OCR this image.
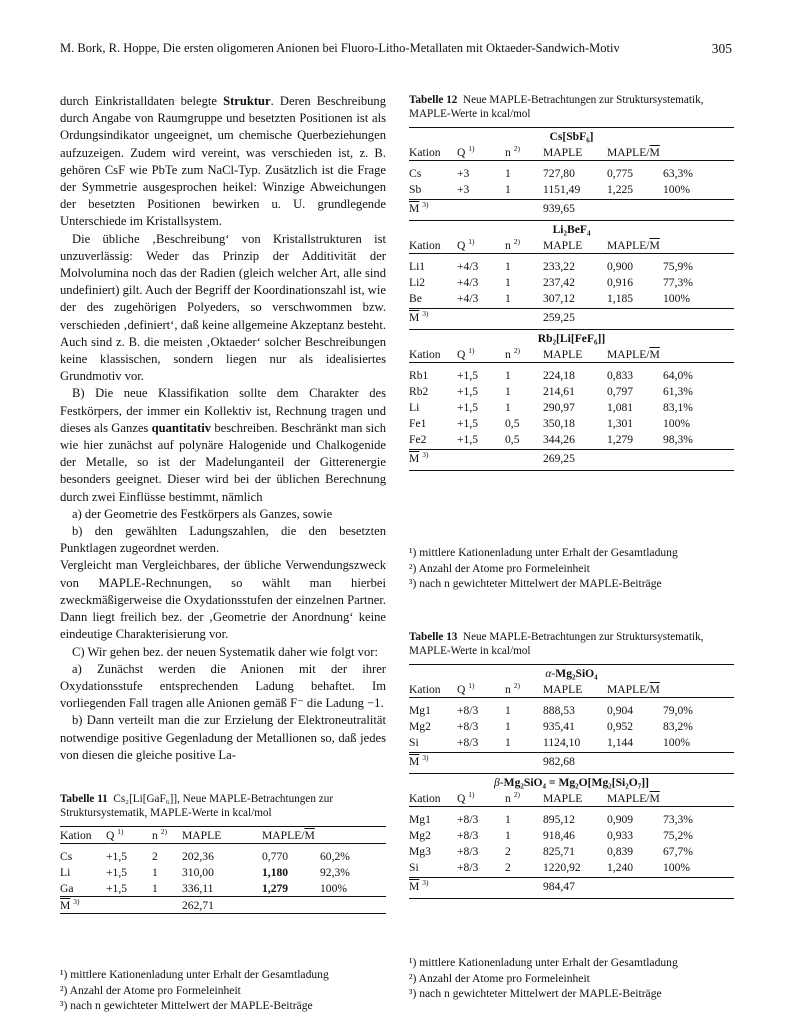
M. Bork, R. Hoppe, Die ersten oligomeren Anionen bei Fluoro-Litho-Metallaten mit Oktaeder-Sandwich-Motiv	305

durch Einkristalldaten belegte Struktur. Deren Beschreibung durch Angabe von Raumgruppe und besetzten Positionen ist als Ordungsindikator ungeeignet, um chemische Querbeziehungen aufzuzeigen. Zudem wird vereint, was verschieden ist, z. B. gehören CsF wie PbTe zum NaCl-Typ. Zusätzlich ist die Frage der Symmetrie ausgesprochen heikel: Winzige Abweichungen der besetzten Positionen bewirken u. U. grundlegende Unterschiede im Kristallsystem.

Die übliche ‚Beschreibung‘ von Kristallstrukturen ist unzuverlässig: Weder das Prinzip der Additivität der Molvolumina noch das der Radien (gleich welcher Art, alle sind undefiniert) gilt. Auch der Begriff der Koordinationszahl ist, wie der des zugehörigen Polyeders, so verschwommen bzw. verschieden ‚definiert‘, daß keine allgemeine Akzeptanz besteht. Auch sind z. B. die meisten ‚Oktaeder‘ solcher Beschreibungen keine klassischen, sondern liegen nur als idealisiertes Grundmotiv vor.

B) Die neue Klassifikation sollte dem Charakter des Festkörpers, der immer ein Kollektiv ist, Rechnung tragen und dieses als Ganzes quantitativ beschreiben. Beschränkt man sich wie hier zunächst auf polynäre Halogenide und Chalkogenide der Metalle, so ist der Madelunganteil der Gitterenergie besonders geeignet. Dieser wird bei der üblichen Berechnung durch zwei Einflüsse bestimmt, nämlich

a) der Geometrie des Festkörpers als Ganzes, sowie

b) den gewählten Ladungszahlen, die den besetzten Punktlagen zugeordnet werden.

Vergleicht man Vergleichbares, der übliche Verwendungszweck von MAPLE-Rechnungen, so wählt man hierbei zweckmäßigerweise die Oxydationsstufen der einzelnen Partner. Dann liegt freilich bez. der ‚Geometrie der Anordnung‘ keine eindeutige Charakterisierung vor.

C) Wir gehen bez. der neuen Systematik daher wie folgt vor:

a) Zunächst werden die Anionen mit der ihrer Oxydationsstufe entsprechenden Ladung behaftet. Im vorliegenden Fall tragen alle Anionen gemäß F⁻ die Ladung −1.

b) Dann verteilt man die zur Erzielung der Elektroneutralität notwendige positive Gegenladung der Metallionen so, daß jedes von diesen die gleiche positive La-

Tabelle 11 Cs₂[Li[GaF₆]], Neue MAPLE-Betrachtungen zur Struktursystematik, MAPLE-Werte in kcal/mol
Kation	Q $^{1)}$	n $^{2)}$	MAPLE	MAPLE/$\overline{M}$

Cs	+1,5	2	202,36	0,770	60,2%
Li	+1,5	1	310,00	1,180	92,3%
Ga	+1,5	1	336,11	1,279	100%
$\overline{M}$ $^{3)}$			262,71		

¹) mittlere Kationenladung unter Erhalt der Gesamtladung
²) Anzahl der Atome pro Formeleinheit
³) nach n gewichteter Mittelwert der MAPLE-Beiträge
Tabelle 12 Neue MAPLE-Betrachtungen zur Struktursystematik, MAPLE-Werte in kcal/mol
Cs[SbF₆]					
Kation	Q $^{1)}$	n $^{2)}$	MAPLE	MAPLE/$\overline{M}$

Cs	+3	1	727,80	0,775	63,3%
Sb	+3	1	1151,49	1,225	100%

$\overline{M}$ $^{3)}$			939,65		

Li₂BeF₄					
Kation	Q $^{1)}$	n $^{2)}$	MAPLE	MAPLE/$\overline{M}$

Li1	+4/3	1	233,22	0,900	75,9%
Li2	+4/3	1	237,42	0,916	77,3%
Be	+4/3	1	307,12	1,185	100%

$\overline{M}$ $^{3)}$			259,25		

Rb₂[Li[FeF₆]]					
Kation	Q $^{1)}$	n $^{2)}$	MAPLE	MAPLE/$\overline{M}$

Rb1	+1,5	1	224,18	0,833	64,0%
Rb2	+1,5	1	214,61	0,797	61,3%
Li	+1,5	1	290,97	1,081	83,1%
Fe1	+1,5	0,5	350,18	1,301	100%
Fe2	+1,5	0,5	344,26	1,279	98,3%

$\overline{M}$ $^{3)}$			269,25		

¹) mittlere Kationenladung unter Erhalt der Gesamtladung
²) Anzahl der Atome pro Formeleinheit
³) nach n gewichteter Mittelwert der MAPLE-Beiträge
Tabelle 13 Neue MAPLE-Betrachtungen zur Struktursystematik, MAPLE-Werte in kcal/mol
α-Mg₂SiO₄					
Kation	Q $^{1)}$	n $^{2)}$	MAPLE	MAPLE/$\overline{M}$

Mg1	+8/3	1	888,53	0,904	79,0%
Mg2	+8/3	1	935,41	0,952	83,2%
Si	+8/3	1	1124,10	1,144	100%

$\overline{M}$ $^{3)}$			982,68		

β-Mg₂SiO₄ = Mg₂O[Mg₂[Si₂O₇]]					
Kation	Q $^{1)}$	n $^{2)}$	MAPLE	MAPLE/$\overline{M}$

Mg1	+8/3	1	895,12	0,909	73,3%
Mg2	+8/3	1	918,46	0,933	75,2%
Mg3	+8/3	2	825,71	0,839	67,7%
Si	+8/3	2	1220,92	1,240	100%

$\overline{M}$ $^{3)}$			984,47		

¹) mittlere Kationenladung unter Erhalt der Gesamtladung
²) Anzahl der Atome pro Formeleinheit
³) nach n gewichteter Mittelwert der MAPLE-Beiträge
